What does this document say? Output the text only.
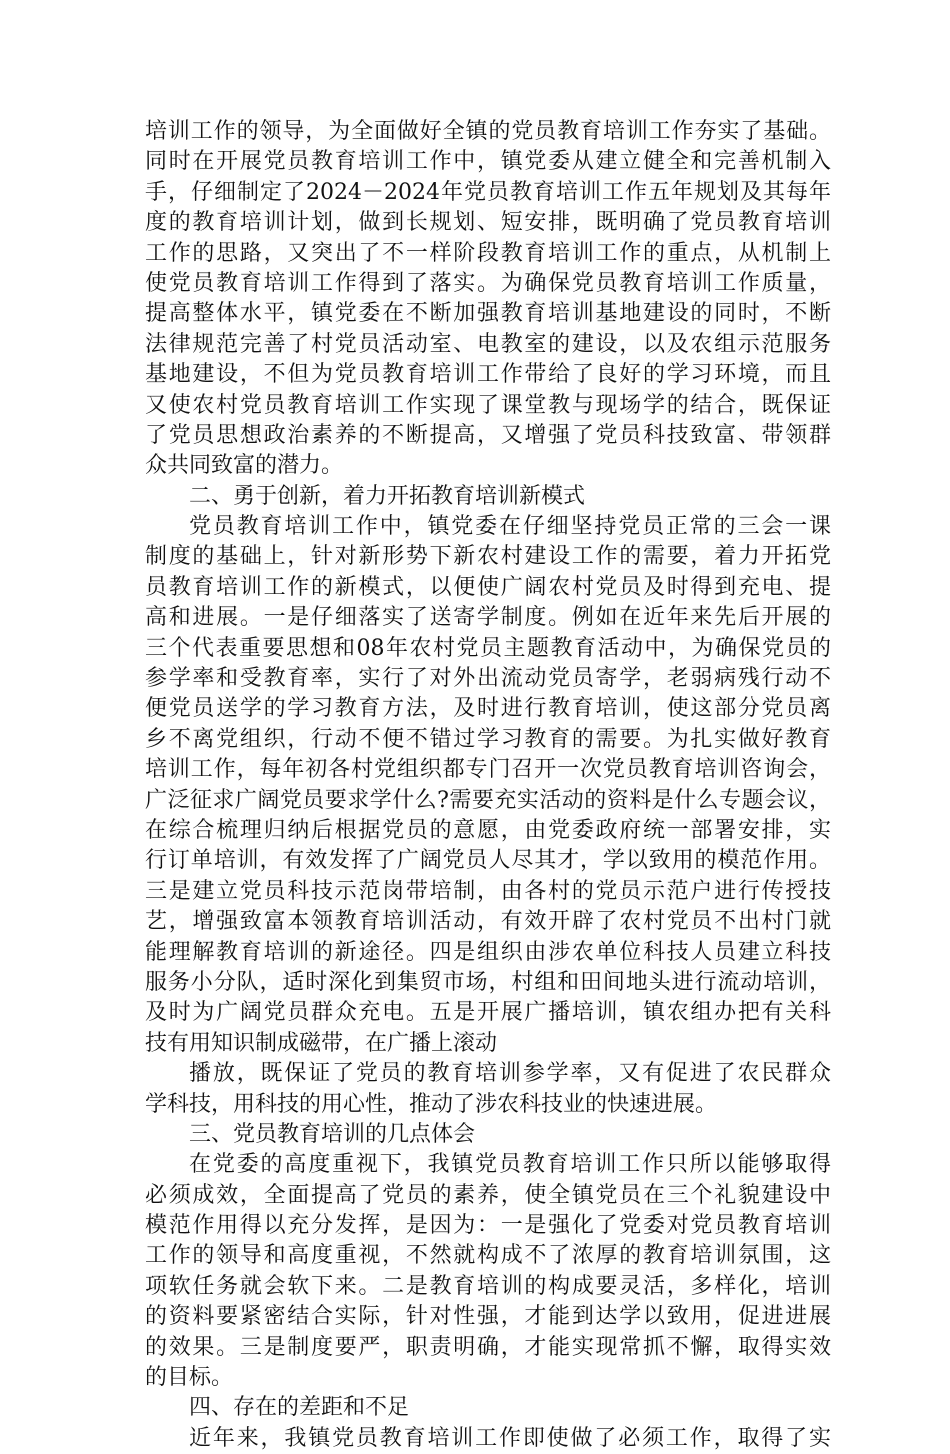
培训工作的领导，为全面做好全镇的党员教育培训工作夯实了基础。
同时在开展党员教育培训工作中，镇党委从建立健全和完善机制入
手，仔细制定了2024－2024年党员教育培训工作五年规划及其每年
度的教育培训计划，做到长规划、短安排，既明确了党员教育培训
工作的思路，又突出了不一样阶段教育培训工作的重点，从机制上
使党员教育培训工作得到了落实。为确保党员教育培训工作质量，
提高整体水平，镇党委在不断加强教育培训基地建设的同时，不断
法律规范完善了村党员活动室、电教室的建设，以及农组示范服务
基地建设，不但为党员教育培训工作带给了良好的学习环境，而且
又使农村党员教育培训工作实现了课堂教与现场学的结合，既保证
了党员思想政治素养的不断提高，又增强了党员科技致富、带领群
众共同致富的潜力。
二、勇于创新，着力开拓教育培训新模式
党员教育培训工作中，镇党委在仔细坚持党员正常的三会一课
制度的基础上，针对新形势下新农村建设工作的需要，着力开拓党
员教育培训工作的新模式，以便使广阔农村党员及时得到充电、提
高和进展。一是仔细落实了送寄学制度。例如在近年来先后开展的
三个代表重要思想和08年农村党员主题教育活动中，为确保党员的
参学率和受教育率，实行了对外出流动党员寄学，老弱病残行动不
便党员送学的学习教育方法，及时进行教育培训，使这部分党员离
乡不离党组织，行动不便不错过学习教育的需要。为扎实做好教育
培训工作，每年初各村党组织都专门召开一次党员教育培训咨询会，
广泛征求广阔党员要求学什么?需要充实活动的资料是什么专题会议，
在综合梳理归纳后根据党员的意愿，由党委政府统一部署安排，实
行订单培训，有效发挥了广阔党员人尽其才，学以致用的模范作用。
三是建立党员科技示范岗带培制，由各村的党员示范户进行传授技
艺，增强致富本领教育培训活动，有效开辟了农村党员不出村门就
能理解教育培训的新途径。四是组织由涉农单位科技人员建立科技
服务小分队，适时深化到集贸市场，村组和田间地头进行流动培训，
及时为广阔党员群众充电。五是开展广播培训，镇农组办把有关科
技有用知识制成磁带，在广播上滚动
播放，既保证了党员的教育培训参学率，又有促进了农民群众
学科技，用科技的用心性，推动了涉农科技业的快速进展。
三、党员教育培训的几点体会
在党委的高度重视下，我镇党员教育培训工作只所以能够取得
必须成效，全面提高了党员的素养，使全镇党员在三个礼貌建设中
模范作用得以充分发挥，是因为：一是强化了党委对党员教育培训
工作的领导和高度重视，不然就构成不了浓厚的教育培训氛围，这
项软任务就会软下来。二是教育培训的构成要灵活，多样化，培训
的资料要紧密结合实际，针对性强，才能到达学以致用，促进进展
的效果。三是制度要严，职责明确，才能实现常抓不懈，取得实效
的目标。
四、存在的差距和不足
近年来，我镇党员教育培训工作即使做了必须工作，取得了实
